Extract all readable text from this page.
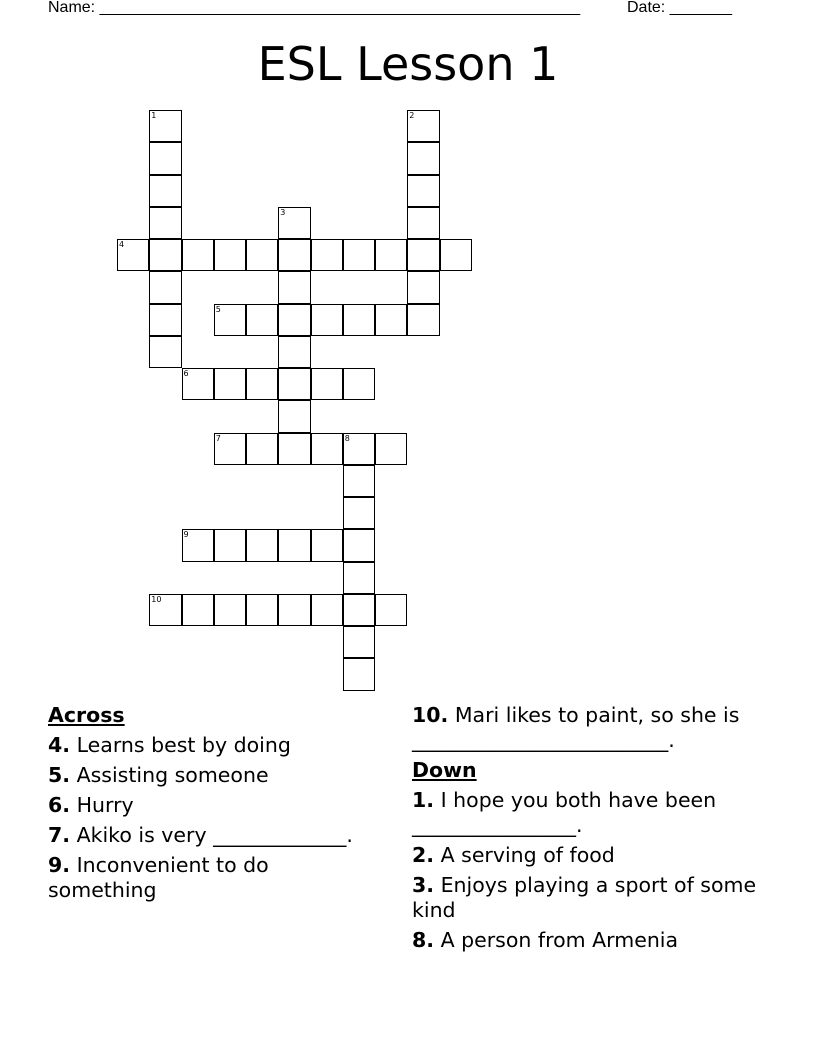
Name: ______________________________________________________	Date: _______
ESL Lesson 1
1	2
3
4
5
6
7	8
9
10
Across
4. Learns best by doing
5. Assisting someone
6. Hurry
7. Akiko is very _____________.
9. Inconvenient to do something
10. Mari likes to paint, so she is _________________________.
Down
1. I hope you both have been ________________.
2. A serving of food
3. Enjoys playing a sport of some kind
8. A person from Armenia
